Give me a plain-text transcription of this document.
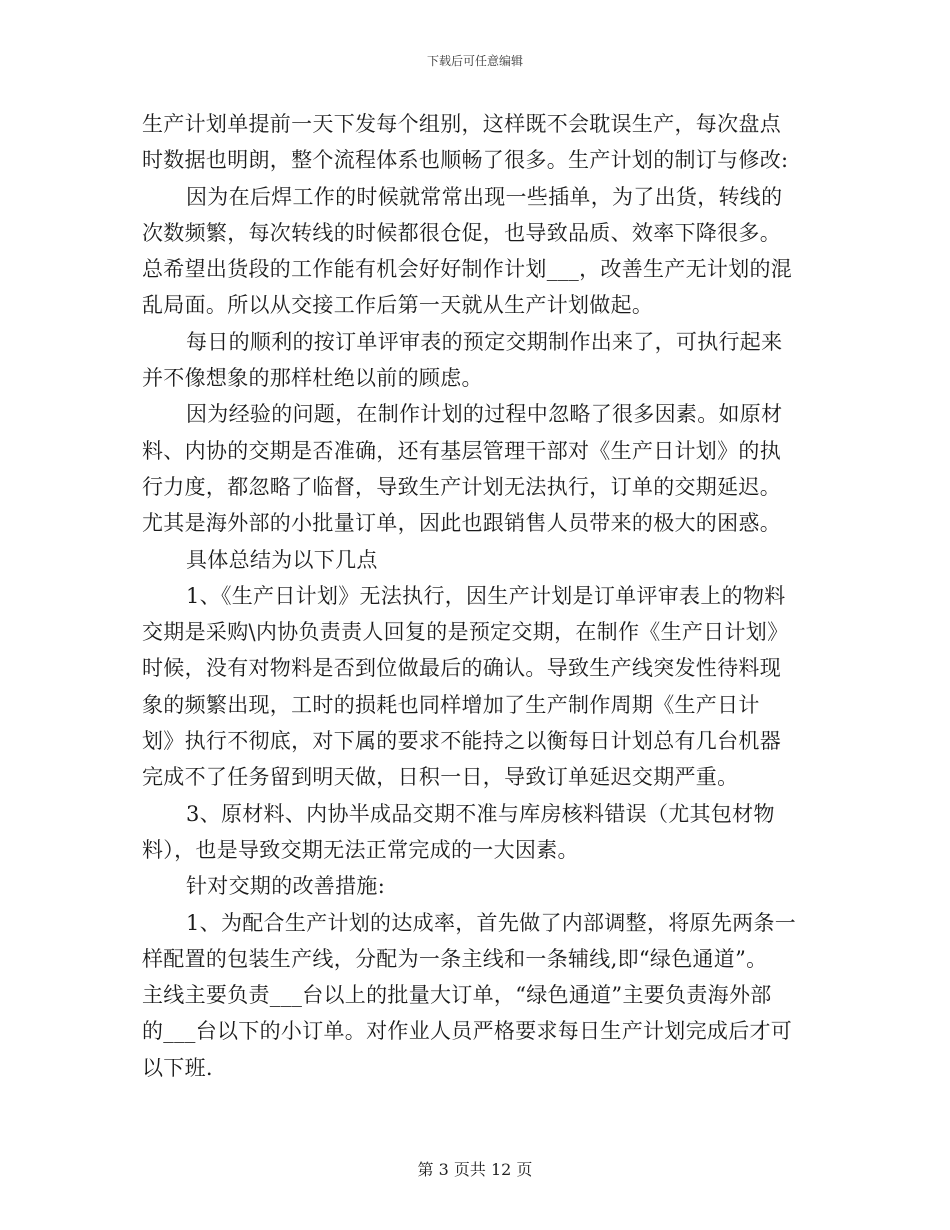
下载后可任意编辑
生产计划单提前一天下发每个组别，这样既不会耽误生产，每次盘点
时数据也明朗，整个流程体系也顺畅了很多。生产计划的制订与修改:
因为在后焊工作的时候就常常出现一些插单，为了出货，转线的
次数频繁，每次转线的时候都很仓促，也导致品质、效率下降很多。
总希望出货段的工作能有机会好好制作计划___，改善生产无计划的混
乱局面。所以从交接工作后第一天就从生产计划做起。
每日的顺利的按订单评审表的预定交期制作出来了，可执行起来
并不像想象的那样杜绝以前的顾虑。
因为经验的问题，在制作计划的过程中忽略了很多因素。如原材
料、内协的交期是否准确，还有基层管理干部对《生产日计划》的执
行力度，都忽略了临督，导致生产计划无法执行，订单的交期延迟。
尤其是海外部的小批量订单，因此也跟销售人员带来的极大的困惑。
具体总结为以下几点
1、《生产日计划》无法执行，因生产计划是订单评审表上的物料
交期是采购\内协负责责人回复的是预定交期，在制作《生产日计划》
时候，没有对物料是否到位做最后的确认。导致生产线突发性待料现
象的频繁出现，工时的损耗也同样增加了生产制作周期《生产日计
划》执行不彻底，对下属的要求不能持之以衡每日计划总有几台机器
完成不了任务留到明天做，日积一日，导致订单延迟交期严重。
3、原材料、内协半成品交期不准与库房核料错误（尤其包材物
料），也是导致交期无法正常完成的一大因素。
针对交期的改善措施:
1、为配合生产计划的达成率，首先做了内部调整，将原先两条一
样配置的包装生产线，分配为一条主线和一条辅线,即“绿色通道”。
主线主要负责___台以上的批量大订单，“绿色通道”主要负责海外部
的___台以下的小订单。对作业人员严格要求每日生产计划完成后才可
以下班.
第 3 页共 12 页
